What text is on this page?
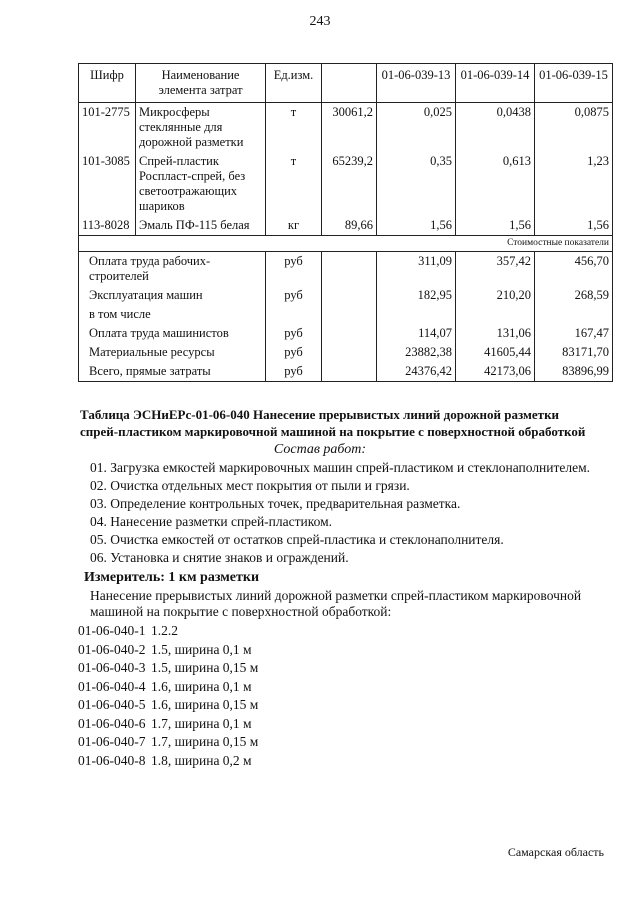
243
Шифр	Наименование элемента затрат	Ед.изм.		01-06-039-13	01-06-039-14	01-06-039-15
101-2775	Микросферы стеклянные для дорожной разметки	т	30061,2	0,025	0,0438	0,0875
101-3085	Спрей-пластик Роспласт-спрей, без светоотражающих шариков	т	65239,2	0,35	0,613	1,23
113-8028	Эмаль ПФ-115 белая	кг	89,66	1,56	1,56	1,56
Стоимостные показатели						
Оплата труда рабочих-строителей		руб		311,09	357,42	456,70
Эксплуатация машин		руб		182,95	210,20	268,59
в том числе						
Оплата труда машинистов		руб		114,07	131,06	167,47
Материальные ресурсы		руб		23882,38	41605,44	83171,70
Всего, прямые затраты		руб		24376,42	42173,06	83896,99
Таблица ЭСНиЕРс-01-06-040 Нанесение прерывистых линий дорожной разметки спрей-пластиком маркировочной машиной на покрытие с поверхностной обработкой
Состав работ:
01. Загрузка емкостей маркировочных машин спрей-пластиком и стеклонаполнителем.
02. Очистка отдельных мест покрытия от пыли и грязи.
03. Определение контрольных точек, предварительная разметка.
04. Нанесение разметки спрей-пластиком.
05. Очистка емкостей от остатков спрей-пластика и стеклонаполнителя.
06. Установка и снятие знаков и ограждений.
Измеритель: 1 км разметки
Нанесение прерывистых линий дорожной разметки спрей-пластиком маркировочной машиной на покрытие с поверхностной обработкой:
01-06-040-1 1.2.2
01-06-040-2 1.5, ширина 0,1 м
01-06-040-3 1.5, ширина 0,15 м
01-06-040-4 1.6, ширина 0,1 м
01-06-040-5 1.6, ширина 0,15 м
01-06-040-6 1.7, ширина 0,1 м
01-06-040-7 1.7, ширина 0,15 м
01-06-040-8 1.8, ширина 0,2 м
Самарская область
